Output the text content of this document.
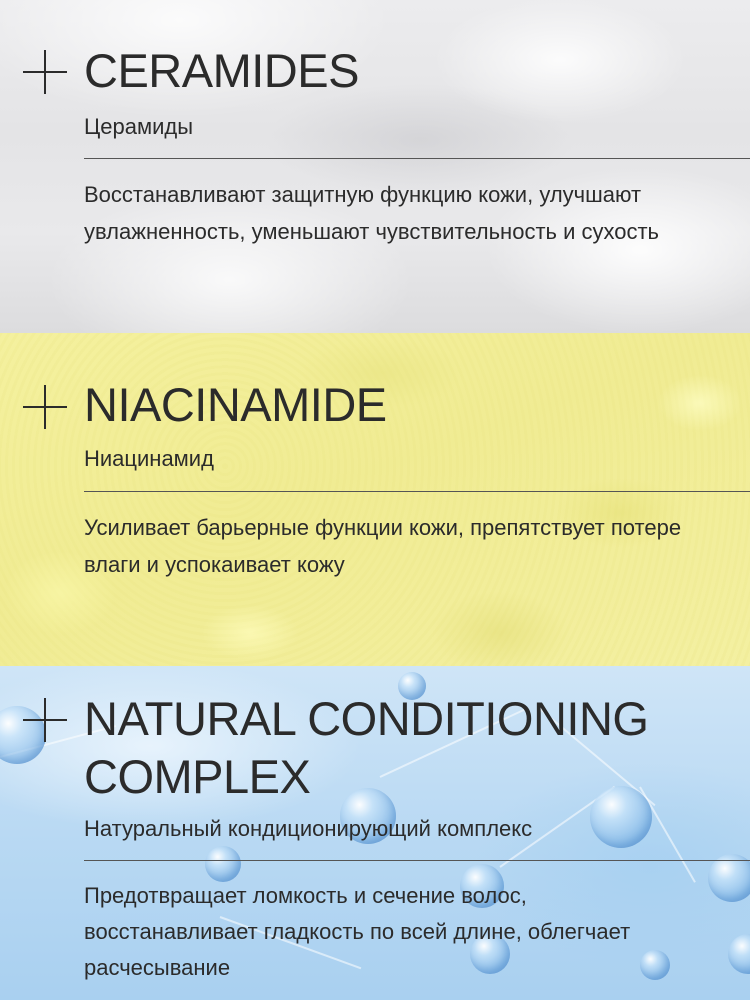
CERAMIDES

Церамиды

Восстанавливают защитную функцию кожи, улучшают увлажненность, уменьшают чувствительность и сухость

NIACINAMIDE

Ниацинамид

Усиливает барьерные функции кожи, препятствует потере влаги и успокаивает кожу

NATURAL CONDITIONING COMPLEX

Натуральный кондиционирующий комплекс

Предотвращает ломкость и сечение волос, восстанавливает гладкость по всей длине, облегчает расчесывание
